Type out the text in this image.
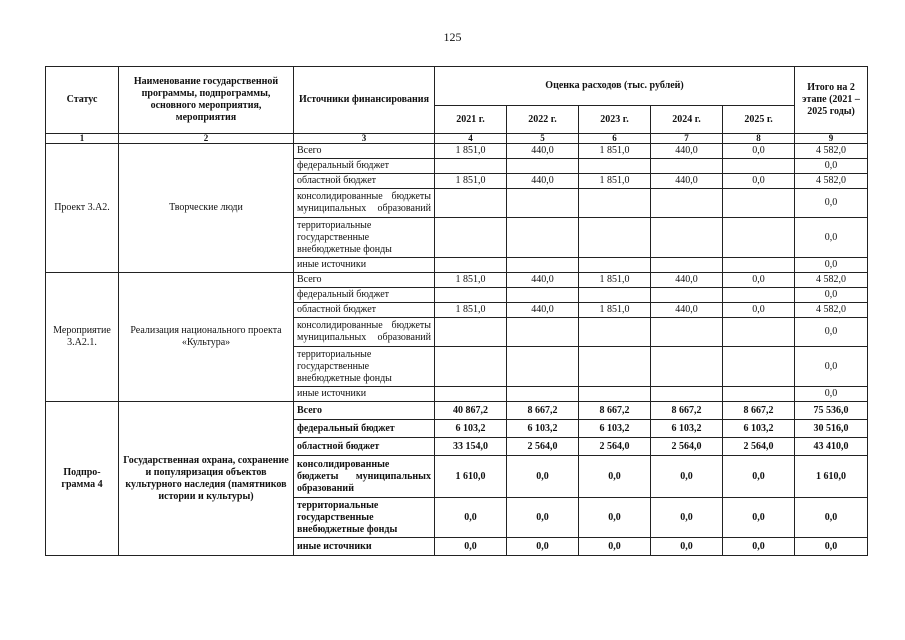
125
Статус	Наименование государственной программы, подпрограммы, основного мероприятия, мероприятия	Источники финансирования	Оценка расходов (тыс. рублей)					Итого на 2 этапе (2021 – 2025 годы)
			2021 г.	2022 г.	2023 г.	2024 г.	2025 г.	
1	2	3	4	5	6	7	8	9
Проект 3.А2.	Творческие люди	Всего	1 851,0	440,0	1 851,0	440,0	0,0	4 582,0
		федеральный бюджет						0,0
		областной бюджет	1 851,0	440,0	1 851,0	440,0	0,0	4 582,0
		консолидированные бюджеты муниципальных образований						0,0
		территориальные государственные внебюджетные фонды						0,0
		иные источники						0,0
Мероприятие 3.А2.1.	Реализация национального проекта «Культура»	Всего	1 851,0	440,0	1 851,0	440,0	0,0	4 582,0
		федеральный бюджет						0,0
		областной бюджет	1 851,0	440,0	1 851,0	440,0	0,0	4 582,0
		консолидированные бюджеты муниципальных образований						0,0
		территориальные государственные внебюджетные фонды						0,0
		иные источники						0,0
Подпро-грамма 4	Государственная охрана, сохранение и популяризация объектов культурного наследия (памятников истории и культуры)	Всего	40 867,2	8 667,2	8 667,2	8 667,2	8 667,2	75 536,0
		федеральный бюджет	6 103,2	6 103,2	6 103,2	6 103,2	6 103,2	30 516,0
		областной бюджет	33 154,0	2 564,0	2 564,0	2 564,0	2 564,0	43 410,0
		консолидированные бюджеты муниципальных образований	1 610,0	0,0	0,0	0,0	0,0	1 610,0
		территориальные государственные внебюджетные фонды	0,0	0,0	0,0	0,0	0,0	0,0
		иные источники	0,0	0,0	0,0	0,0	0,0	0,0
